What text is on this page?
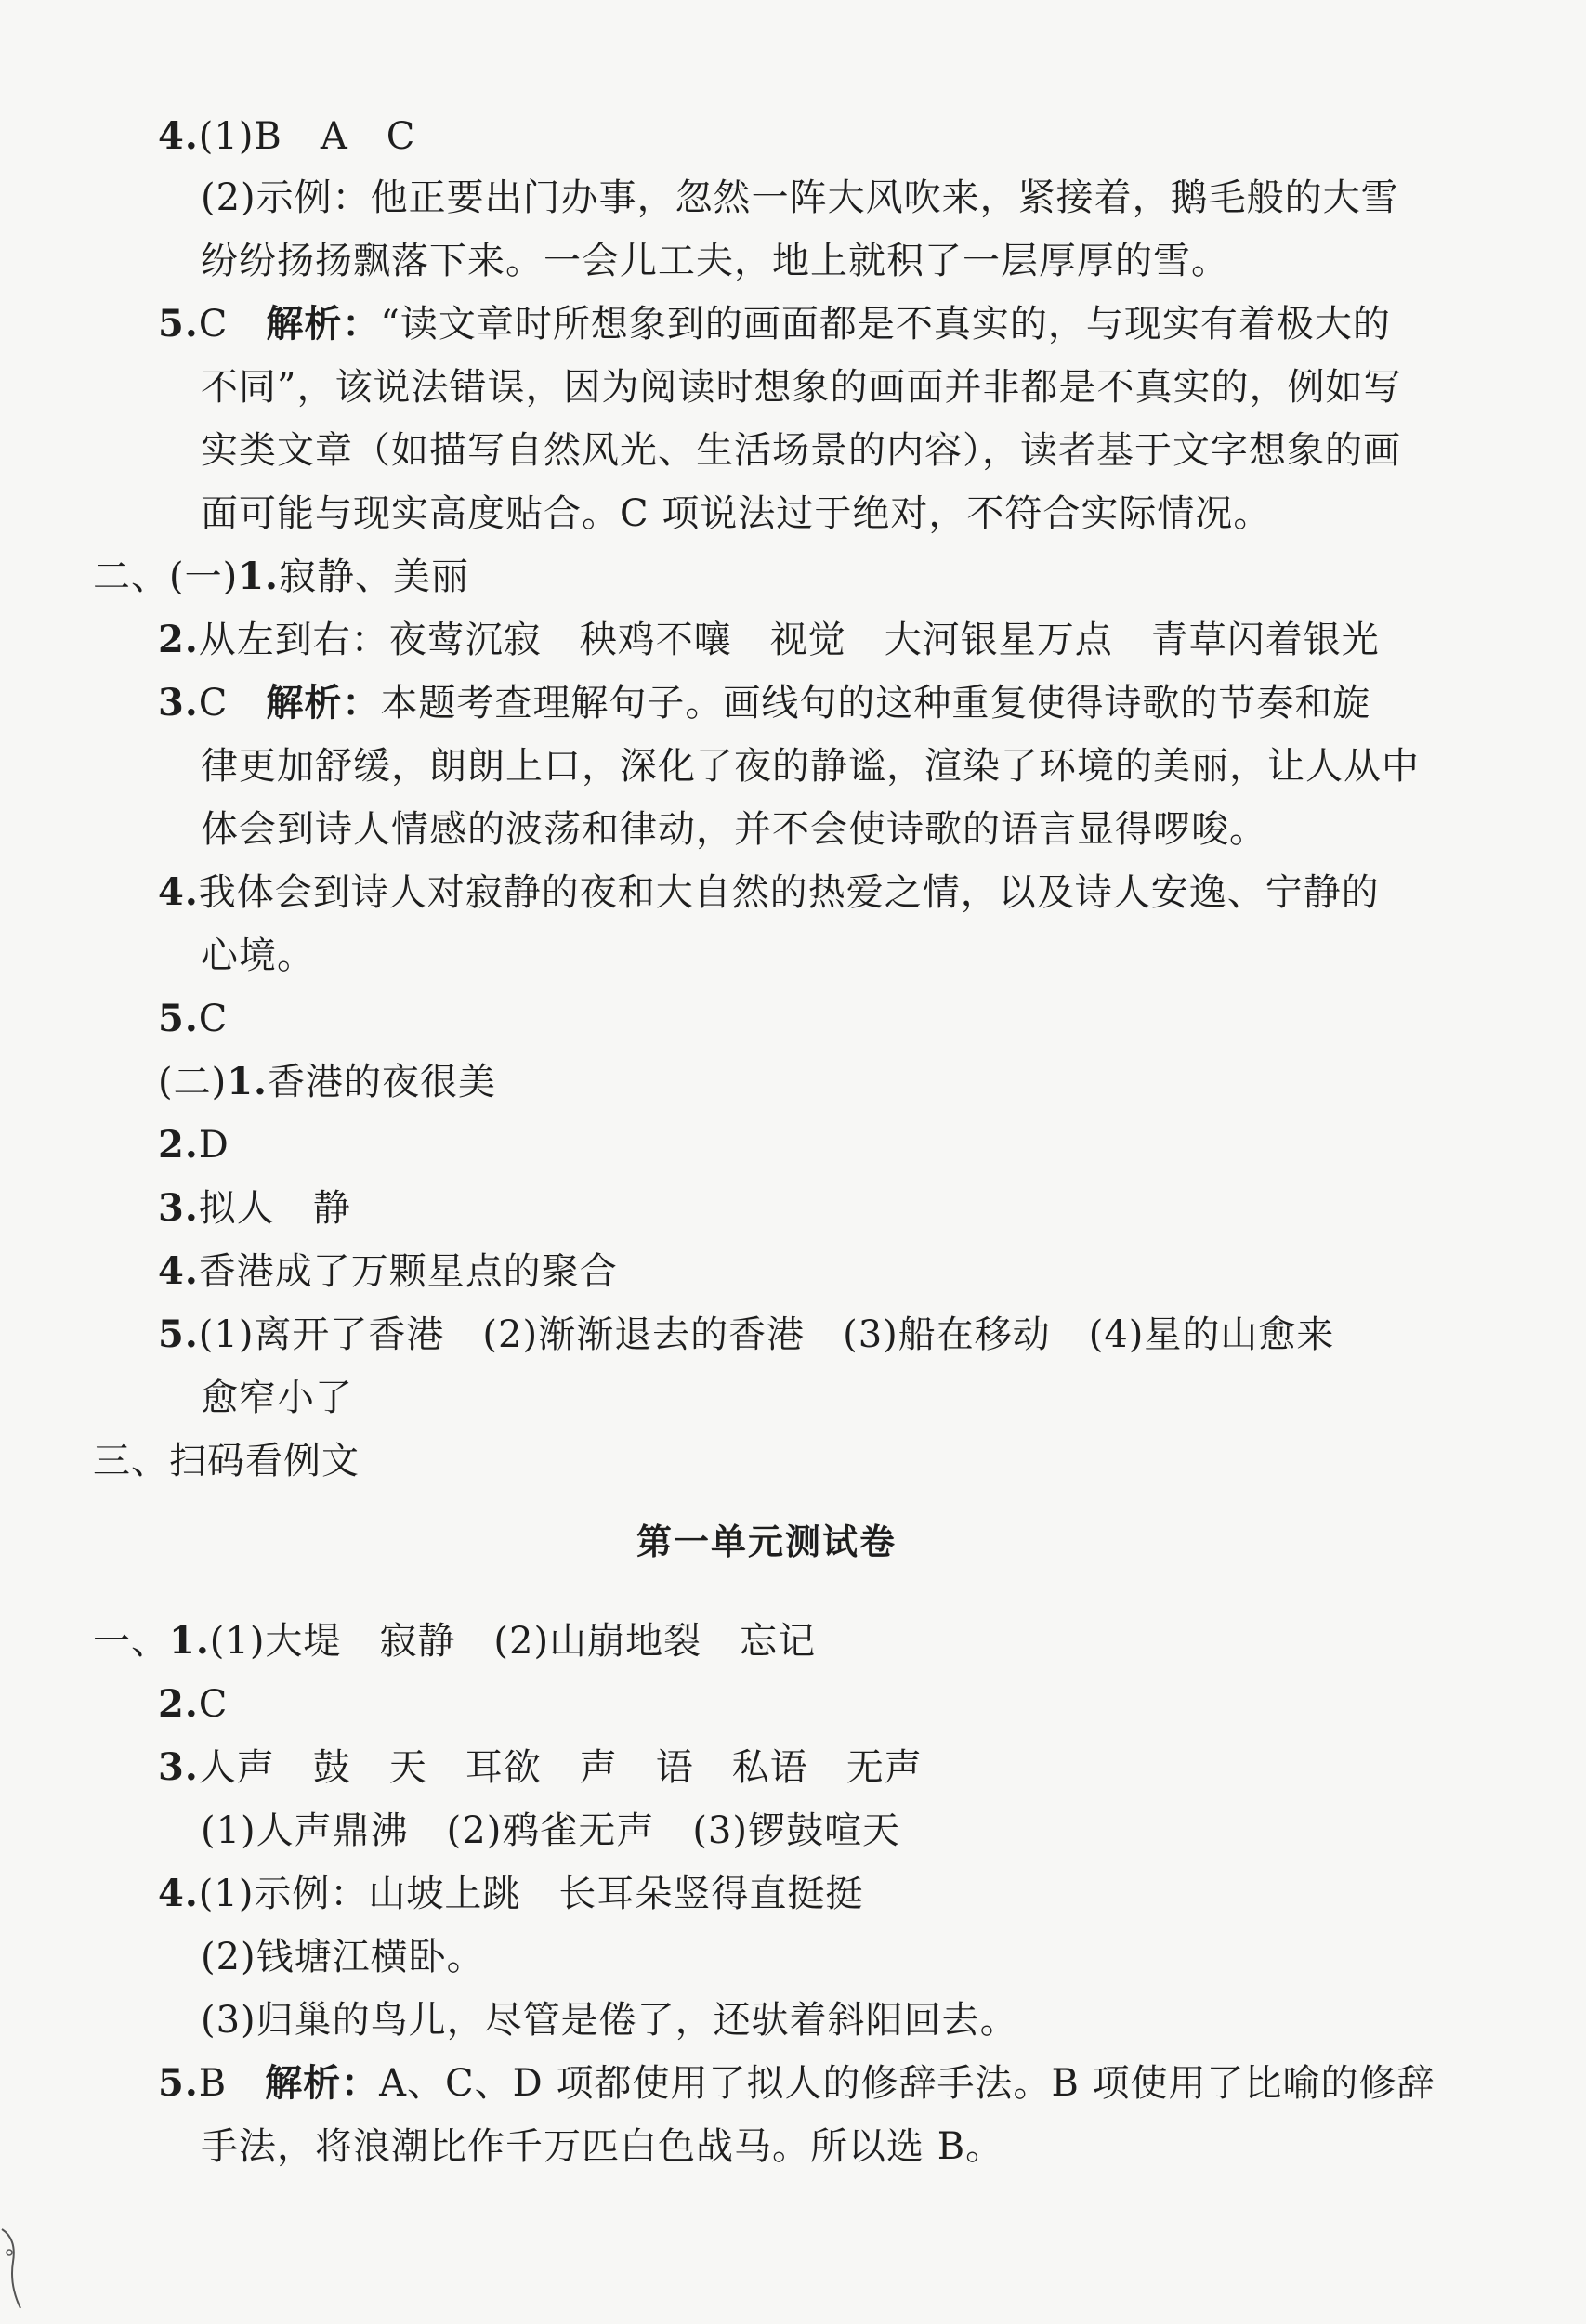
4.(1)B　A　C
(2)示例：他正要出门办事，忽然一阵大风吹来，紧接着，鹅毛般的大雪
纷纷扬扬飘落下来。一会儿工夫，地上就积了一层厚厚的雪。
5.C　解析：“读文章时所想象到的画面都是不真实的，与现实有着极大的
不同”，该说法错误，因为阅读时想象的画面并非都是不真实的，例如写
实类文章（如描写自然风光、生活场景的内容），读者基于文字想象的画
面可能与现实高度贴合。C 项说法过于绝对，不符合实际情况。
二、(一)1.寂静、美丽
2.从左到右：夜莺沉寂　秧鸡不嚷　视觉　大河银星万点　青草闪着银光
3.C　解析：本题考查理解句子。画线句的这种重复使得诗歌的节奏和旋
律更加舒缓，朗朗上口，深化了夜的静谧，渲染了环境的美丽，让人从中
体会到诗人情感的波荡和律动，并不会使诗歌的语言显得啰唆。
4.我体会到诗人对寂静的夜和大自然的热爱之情，以及诗人安逸、宁静的
心境。
5.C
(二)1.香港的夜很美
2.D
3.拟人　静
4.香港成了万颗星点的聚合
5.(1)离开了香港　(2)渐渐退去的香港　(3)船在移动　(4)星的山愈来
愈窄小了
三、扫码看例文
第一单元测试卷
一、1.(1)大堤　寂静　(2)山崩地裂　忘记
2.C
3.人声　鼓　天　耳欲　声　语　私语　无声
(1)人声鼎沸　(2)鸦雀无声　(3)锣鼓喧天
4.(1)示例：山坡上跳　长耳朵竖得直挺挺
(2)钱塘江横卧。
(3)归巢的鸟儿，尽管是倦了，还驮着斜阳回去。
5.B　解析：A、C、D 项都使用了拟人的修辞手法。B 项使用了比喻的修辞
手法，将浪潮比作千万匹白色战马。所以选 B。
